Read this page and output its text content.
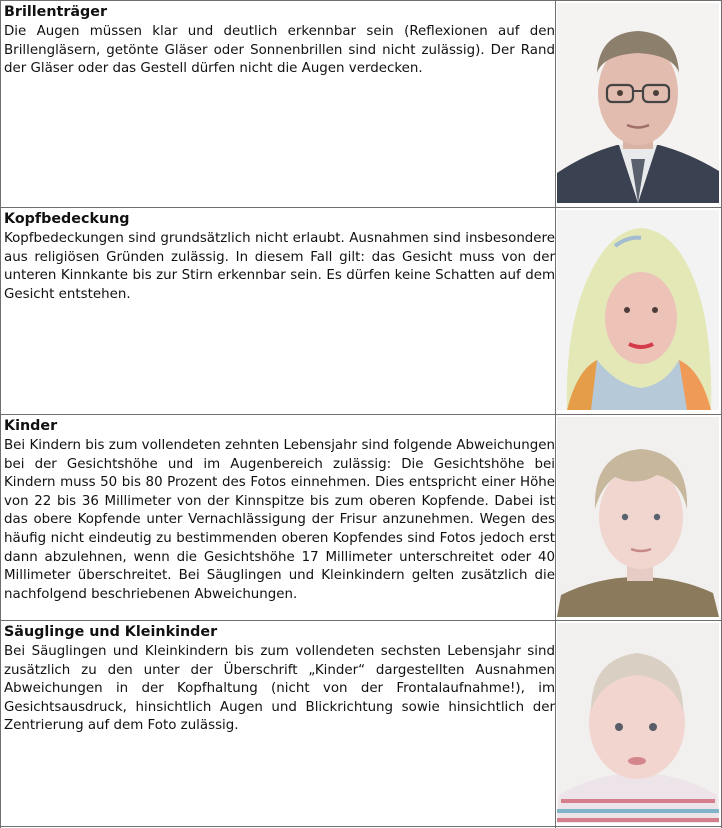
Brillenträger

Die Augen müssen klar und deutlich erkennbar sein (Reflexionen auf den Brillengläsern, getönte Gläser oder Sonnenbrillen sind nicht zulässig). Der Rand der Gläser oder das Gestell dürfen nicht die Augen verdecken.

Kopfbedeckung

Kopfbedeckungen sind grundsätzlich nicht erlaubt. Ausnahmen sind insbesondere aus religiösen Gründen zulässig. In diesem Fall gilt: das Gesicht muss von der unteren Kinnkante bis zur Stirn erkennbar sein. Es dürfen keine Schatten auf dem Gesicht entstehen.

Kinder

Bei Kindern bis zum vollendeten zehnten Lebensjahr sind folgende Abweichungen bei der Gesichtshöhe und im Augenbereich zulässig: Die Gesichtshöhe bei Kindern muss 50 bis 80 Prozent des Fotos einnehmen. Dies entspricht einer Höhe von 22 bis 36 Millimeter von der Kinnspitze bis zum oberen Kopfende. Dabei ist das obere Kopfende unter Vernachlässigung der Frisur anzunehmen. Wegen des häufig nicht eindeutig zu bestimmenden oberen Kopfendes sind Fotos jedoch erst dann abzulehnen, wenn die Gesichtshöhe 17 Millimeter unterschreitet oder 40 Millimeter überschreitet. Bei Säuglingen und Kleinkindern gelten zusätzlich die nachfolgend beschriebenen Abweichungen.

Säuglinge und Kleinkinder

Bei Säuglingen und Kleinkindern bis zum vollendeten sechsten Lebensjahr sind zusätzlich zu den unter der Überschrift „Kinder“ dargestellten Ausnahmen Abweichungen in der Kopfhaltung (nicht von der Frontalaufnahme!), im Gesichtsausdruck, hinsichtlich Augen und Blickrichtung sowie hinsichtlich der Zentrierung auf dem Foto zulässig.
